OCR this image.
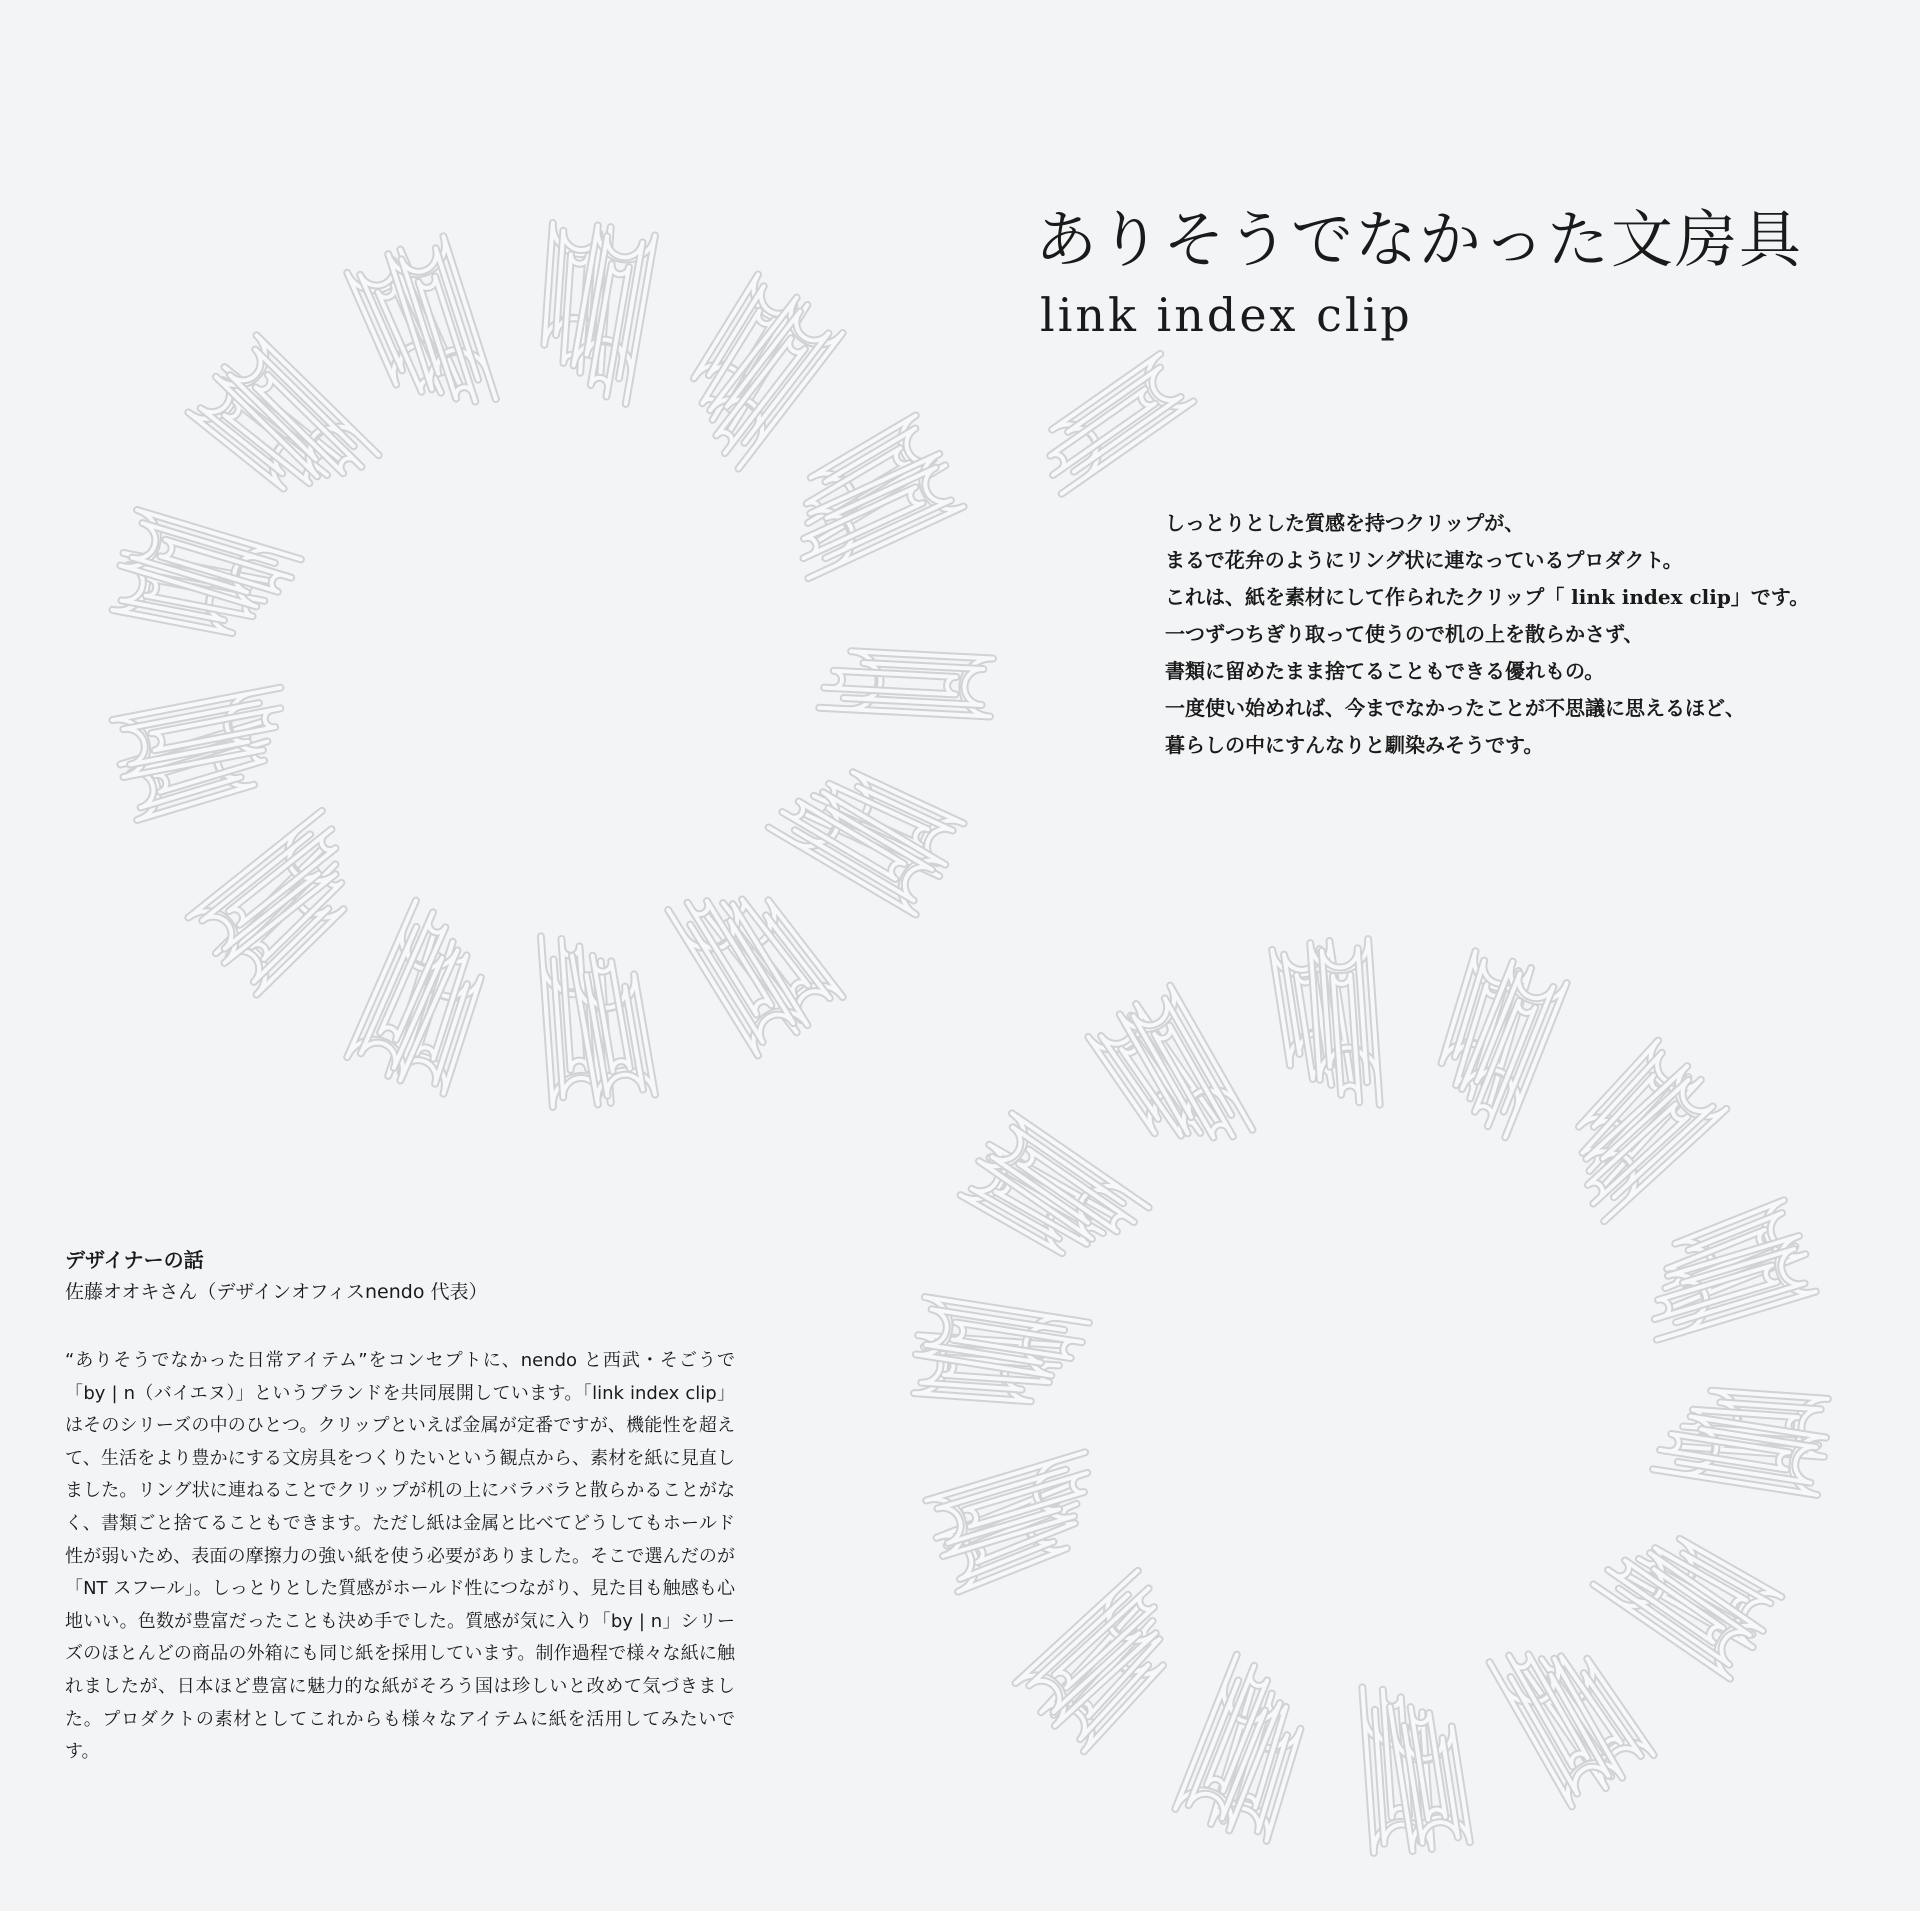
ありそうでなかった文房具
link index clip

しっとりとした質感を持つクリップが、

まるで花弁のようにリング状に連なっているプロダクト。

これは、紙を素材にして作られたクリップ「 link index clip」です。

一つずつちぎり取って使うので机の上を散らかさず、

書類に留めたまま捨てることもできる優れもの。

一度使い始めれば、今までなかったことが不思議に思えるほど、

暮らしの中にすんなりと馴染みそうです。

デザイナーの話
佐藤オオキさん（デザインオフィスnendo 代表）
“ありそうでなかった日常アイテム”をコンセプトに、nendo と西武・そごうで「by | n（バイエヌ）」というブランドを共同展開しています。「link index clip」はそのシリーズの中のひとつ。クリップといえば金属が定番ですが、機能性を超えて、生活をより豊かにする文房具をつくりたいという観点から、素材を紙に見直しました。リング状に連ねることでクリップが机の上にバラバラと散らかることがなく、書類ごと捨てることもできます。ただし紙は金属と比べてどうしてもホールド性が弱いため、表面の摩擦力の強い紙を使う必要がありました。そこで選んだのが「NT スフール」。しっとりとした質感がホールド性につながり、見た目も触感も心地いい。色数が豊富だったことも決め手でした。質感が気に入り「by | n」シリーズのほとんどの商品の外箱にも同じ紙を採用しています。制作過程で様々な紙に触れましたが、日本ほど豊富に魅力的な紙がそろう国は珍しいと改めて気づきました。プロダクトの素材としてこれからも様々なアイテムに紙を活用してみたいです。
